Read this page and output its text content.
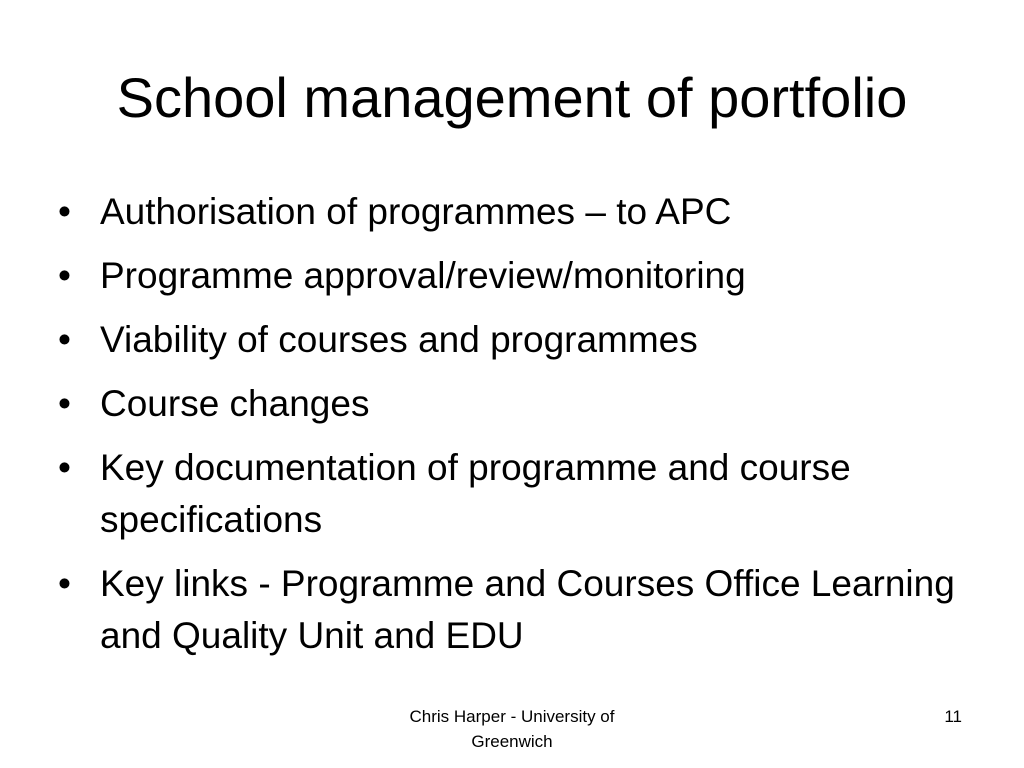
School management of portfolio
• Authorisation of programmes – to APC
• Programme approval/review/monitoring
• Viability of courses and programmes
• Course changes
• Key documentation of programme and course specifications
• Key links - Programme and Courses Office Learning and Quality Unit and EDU
Chris Harper - University of
Greenwich
11
